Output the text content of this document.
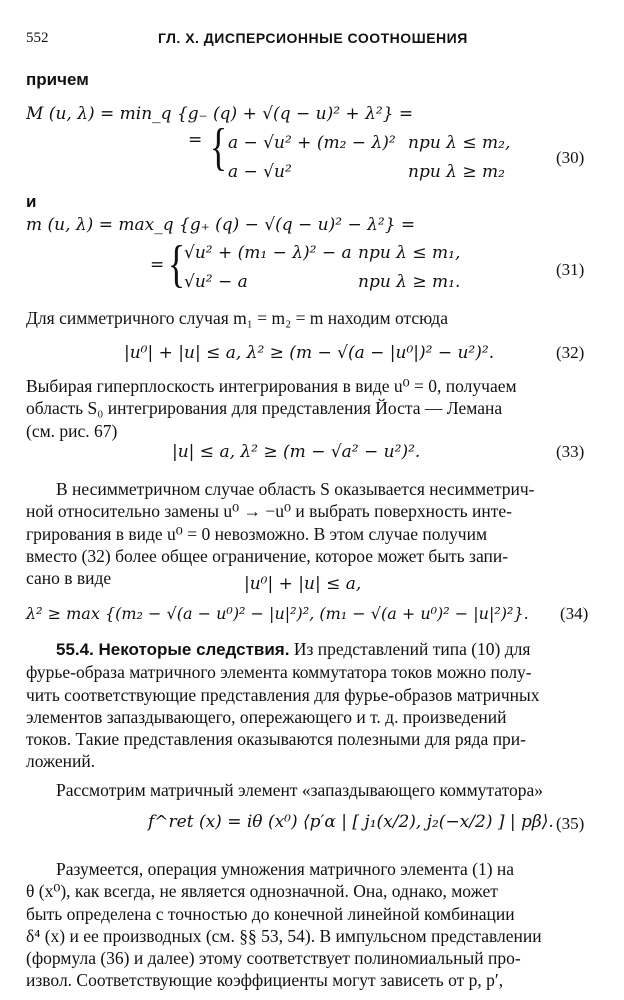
552	ГЛ. X. ДИСПЕРСИОННЫЕ СООТНОШЕНИЯ
причем
M (u, λ) = min_q {g₋ (q) + √(q − u)² + λ²} =
= { a − √u² + (m₂ − λ)² при λ ≤ m₂,
a − √u²	при λ ≥ m₂
(30)
и
m (u, λ) = max_q {g₊ (q) − √(q − u)² − λ²} =
= {
√u² + (m₁ − λ)² − a при λ ≤ m₁,
√u² − a	при λ ≥ m₁.
(31)
Для симметричного случая m₁ = m₂ = m находим отсюда
|u⁰| + |u| ≤ a, λ² ≥ (m − √(a − |u⁰|)² − u²)².	(32)
Выбирая гиперплоскость интегрирования в виде u⁰ = 0, получаем
область S₀ интегрирования для представления Йоста — Лемана
(см. рис. 67)
|u| ≤ a, λ² ≥ (m − √a² − u²)².	(33)
В несимметричном случае область S оказывается несимметрич-
ной относительно замены u⁰ → −u⁰ и выбрать поверхность инте-
грирования в виде u⁰ = 0 невозможно. В этом случае получим
вместо (32) более общее ограничение, которое может быть запи-
сано в виде	|u⁰| + |u| ≤ a,
λ² ≥ max {(m₂ − √(a − u⁰)² − |u|²)², (m₁ − √(a + u⁰)² − |u|²)²}. (34)
55.4. Некоторые следствия. Из представлений типа (10) для
фурье-образа матричного элемента коммутатора токов можно полу-
чить соответствующие представления для фурье-образов матричных
элементов запаздывающего, опережающего и т. д. произведений
токов. Такие представления оказываются полезными для ряда при-
ложений.
Рассмотрим матричный элемент «запаздывающего коммутатора»
f^ret (x) = iθ (x⁰) ⟨p′α | [ j₁(x/2), j₂(−x/2) ] | pβ⟩. (35)
Разумеется, операция умножения матричного элемента (1) на
θ (x⁰), как всегда, не является однозначной. Она, однако, может
быть определена с точностью до конечной линейной комбинации
δ⁴ (x) и ее производных (см. §§ 53, 54). В импульсном представлении
(формула (36) и далее) этому соответствует полиномиальный про-
извол. Соответствующие коэффициенты могут зависеть от p, p′,
